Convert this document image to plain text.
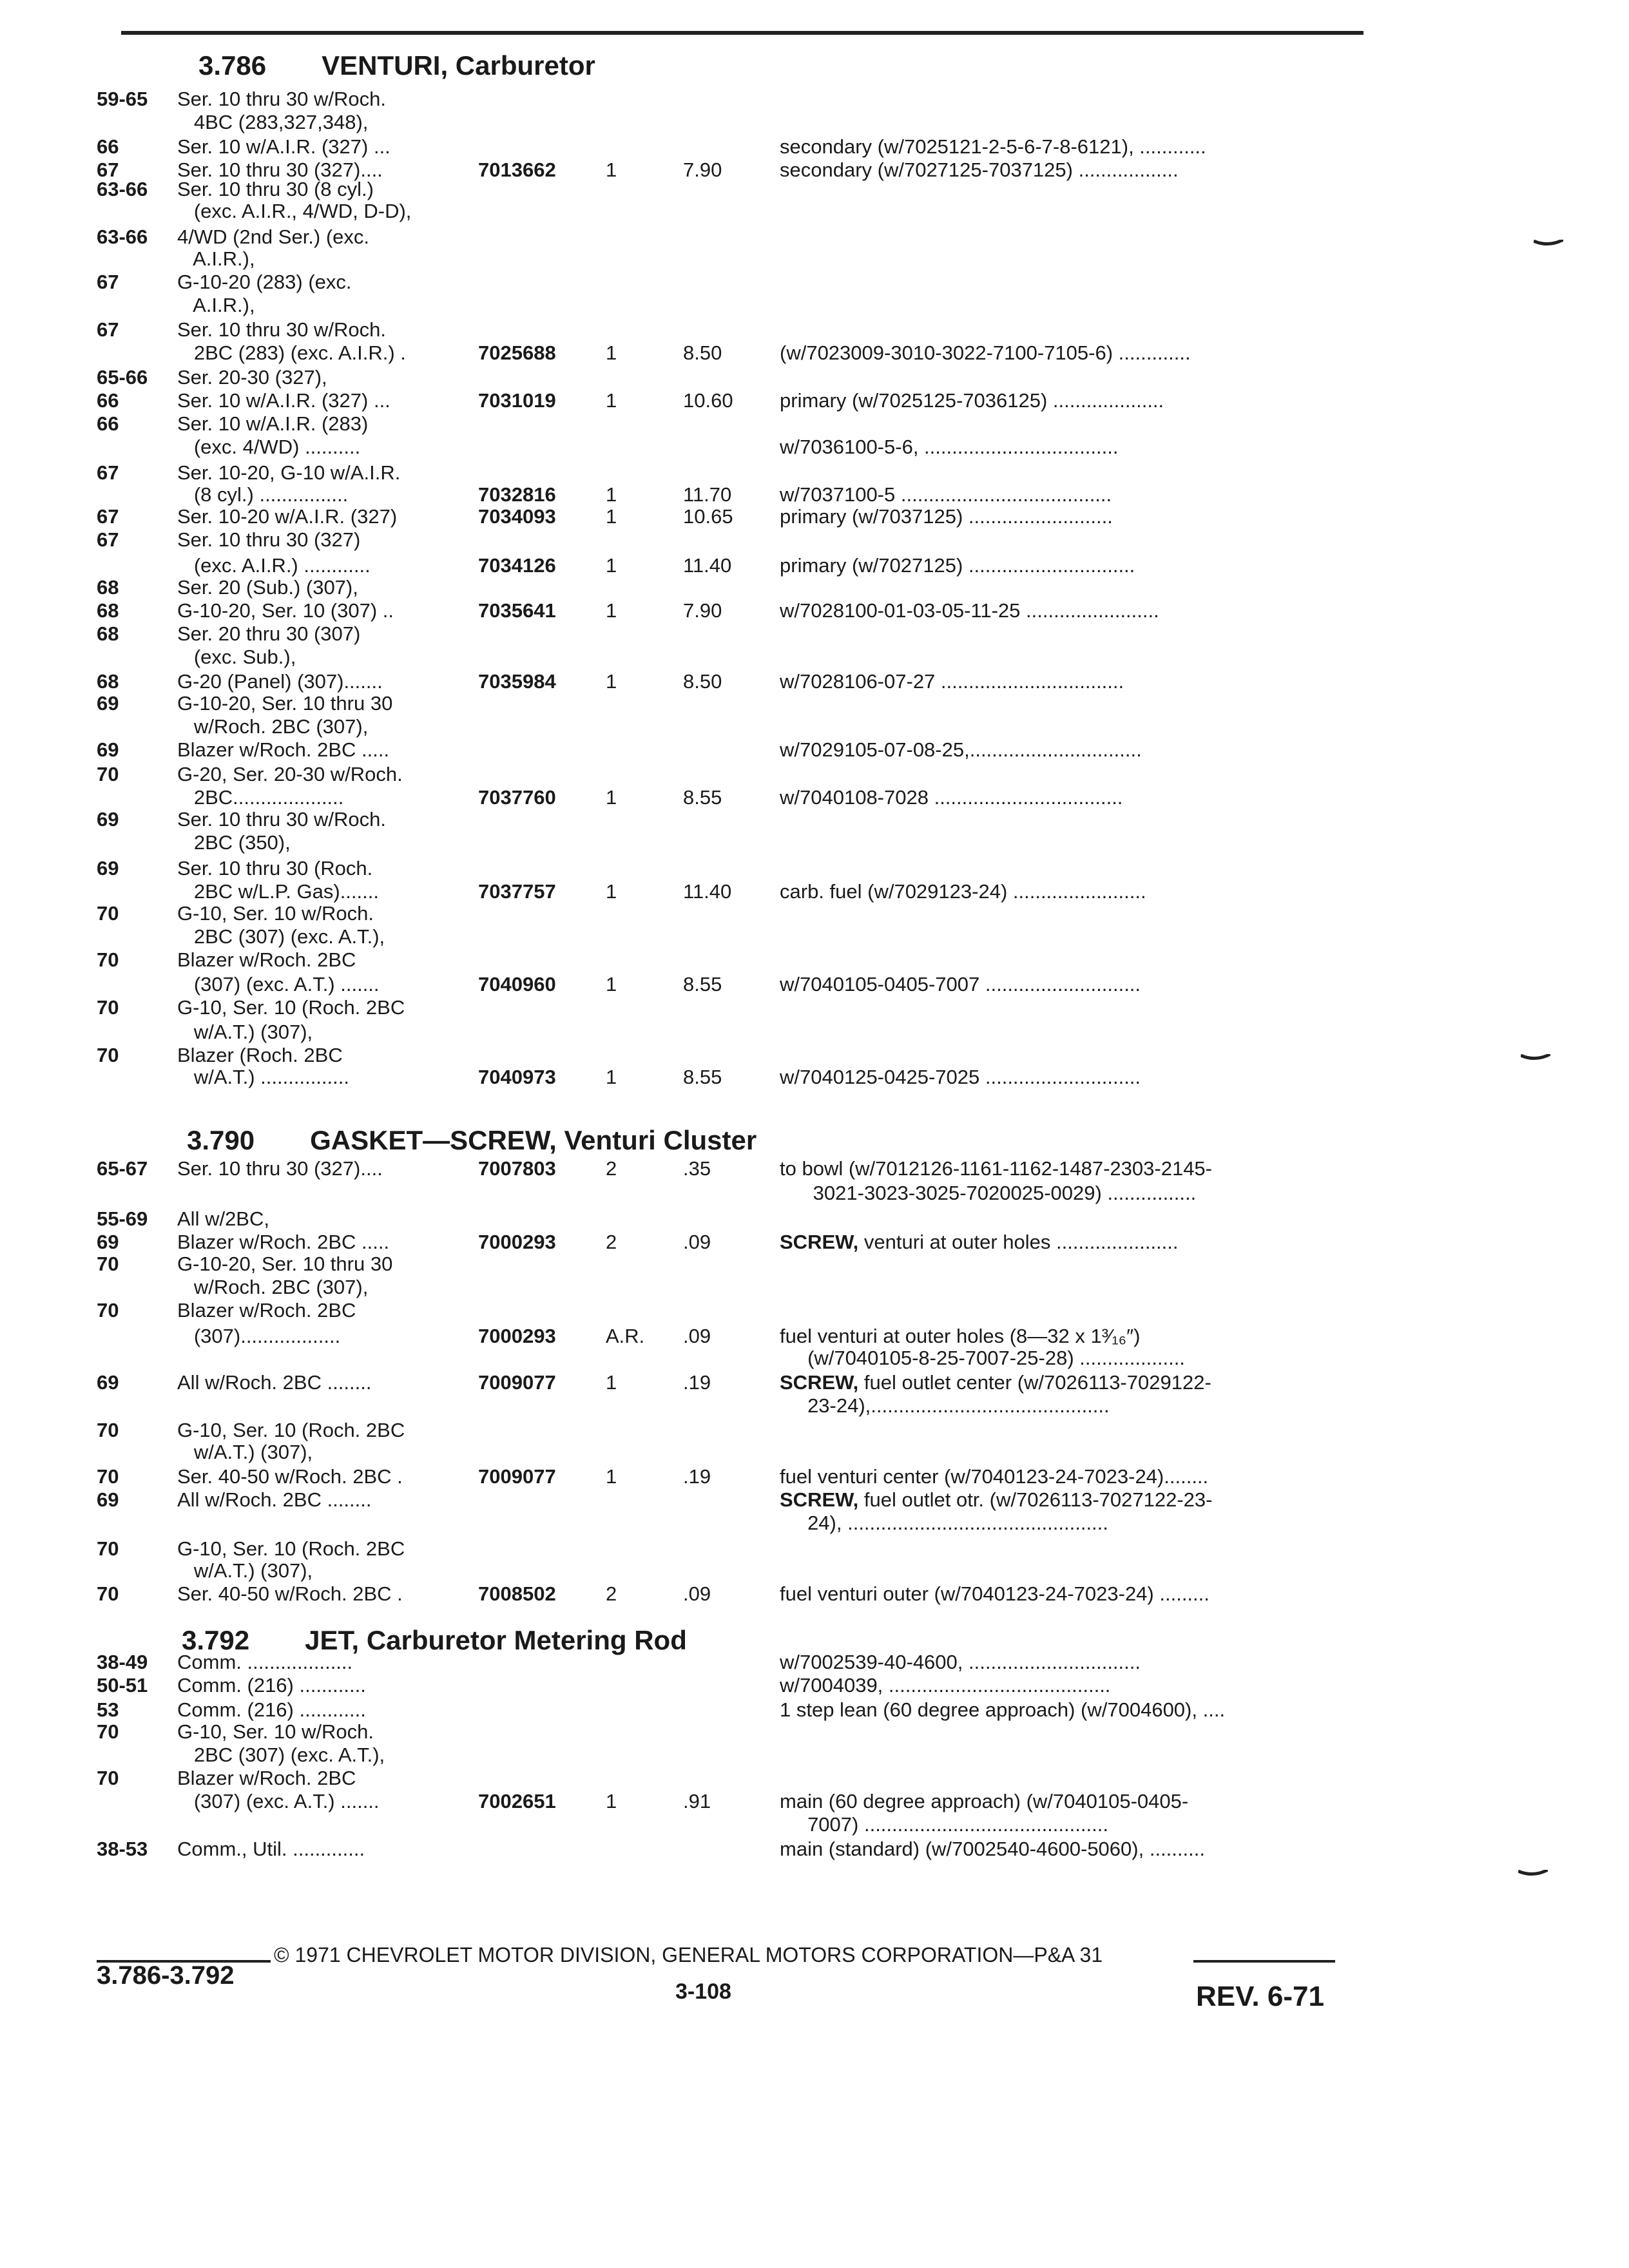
3.786 VENTURI, Carburetor
3.790 GASKET—SCREW, Venturi Cluster
3.792 JET, Carburetor Metering Rod
59-65 Ser. 10 thru 30 w/Roch.
4BC (283,327,348),
66	Ser. 10 w/A.I.R. (327) ...	secondary (w/7025121-2-5-6-7-8-6121), ............
67	Ser. 10 thru 30 (327)....	7013662 1	7.90	secondary (w/7027125-7037125) ..................
63-66 Ser. 10 thru 30 (8 cyl.)
(exc. A.I.R., 4/WD, D-D),
63-66 4/WD (2nd Ser.) (exc.
A.I.R.),
67	G-10-20 (283) (exc.
A.I.R.),
67	Ser. 10 thru 30 w/Roch.
2BC (283) (exc. A.I.R.) .	7025688 1	8.50	(w/7023009-3010-3022-7100-7105-6) .............
65-66 Ser. 20-30 (327),
66	Ser. 10 w/A.I.R. (327) ...	7031019 1	10.60 primary (w/7025125-7036125) ....................
66	Ser. 10 w/A.I.R. (283)
(exc. 4/WD) ..........	w/7036100-5-6, ...................................
67	Ser. 10-20, G-10 w/A.I.R.
(8 cyl.) ................	7032816 1	11.70 w/7037100-5 ......................................
67	Ser. 10-20 w/A.I.R. (327)	7034093 1	10.65 primary (w/7037125) ..........................
67	Ser. 10 thru 30 (327)
(exc. A.I.R.) ............	7034126 1	11.40 primary (w/7027125) ..............................
68	Ser. 20 (Sub.) (307),
68	G-10-20, Ser. 10 (307) ..	7035641 1	7.90	w/7028100-01-03-05-11-25 ........................
68	Ser. 20 thru 30 (307)
(exc. Sub.),
68	G-20 (Panel) (307).......	7035984 1	8.50	w/7028106-07-27 .................................
69	G-10-20, Ser. 10 thru 30
w/Roch. 2BC (307),
69	Blazer w/Roch. 2BC .....	w/7029105-07-08-25,...............................
70	G-20, Ser. 20-30 w/Roch.
2BC....................	7037760 1	8.55	w/7040108-7028 ..................................
69	Ser. 10 thru 30 w/Roch.
2BC (350),
69	Ser. 10 thru 30 (Roch.
2BC w/L.P. Gas).......	7037757 1	11.40 carb. fuel (w/7029123-24) ........................
70	G-10, Ser. 10 w/Roch.
2BC (307) (exc. A.T.),
70	Blazer w/Roch. 2BC
(307) (exc. A.T.) .......	7040960 1	8.55	w/7040105-0405-7007 ............................
70	G-10, Ser. 10 (Roch. 2BC
w/A.T.) (307),
70	Blazer (Roch. 2BC
w/A.T.) ................	7040973 1	8.55	w/7040125-0425-7025 ............................
65-67 Ser. 10 thru 30 (327)....	7007803 2	.35	to bowl (w/7012126-1161-1162-1487-2303-2145-
3021-3023-3025-7020025-0029) ................
55-69 All w/2BC,
69	Blazer w/Roch. 2BC .....	7000293 2	.09	SCREW, venturi at outer holes ......................
70	G-10-20, Ser. 10 thru 30
w/Roch. 2BC (307),
70	Blazer w/Roch. 2BC
(307)..................	7000293 A.R. .09	fuel venturi at outer holes (8—32 x 1³⁄₁₆″)
(w/7040105-8-25-7007-25-28) ...................
69	All w/Roch. 2BC ........	7009077 1	.19	SCREW, fuel outlet center (w/7026113-7029122-
23-24),...........................................
70	G-10, Ser. 10 (Roch. 2BC
w/A.T.) (307),
70	Ser. 40-50 w/Roch. 2BC .	7009077 1	.19	fuel venturi center (w/7040123-24-7023-24)........
69	All w/Roch. 2BC ........	SCREW, fuel outlet otr. (w/7026113-7027122-23-
24), ...............................................
70	G-10, Ser. 10 (Roch. 2BC
w/A.T.) (307),
70	Ser. 40-50 w/Roch. 2BC .	7008502 2	.09	fuel venturi outer (w/7040123-24-7023-24) .........
38-49 Comm. ...................	w/7002539-40-4600, ...............................
50-51 Comm. (216) ............	w/7004039, ........................................
53	Comm. (216) ............	1 step lean (60 degree approach) (w/7004600), ....
70	G-10, Ser. 10 w/Roch.
2BC (307) (exc. A.T.),
70	Blazer w/Roch. 2BC
(307) (exc. A.T.) .......	7002651 1	.91	main (60 degree approach) (w/7040105-0405-
7007) ............................................
38-53 Comm., Util. .............	main (standard) (w/7002540-4600-5060), ..........
© 1971 CHEVROLET MOTOR DIVISION, GENERAL MOTORS CORPORATION—P&A 31
3.786-3.792
3-108	REV. 6-71
